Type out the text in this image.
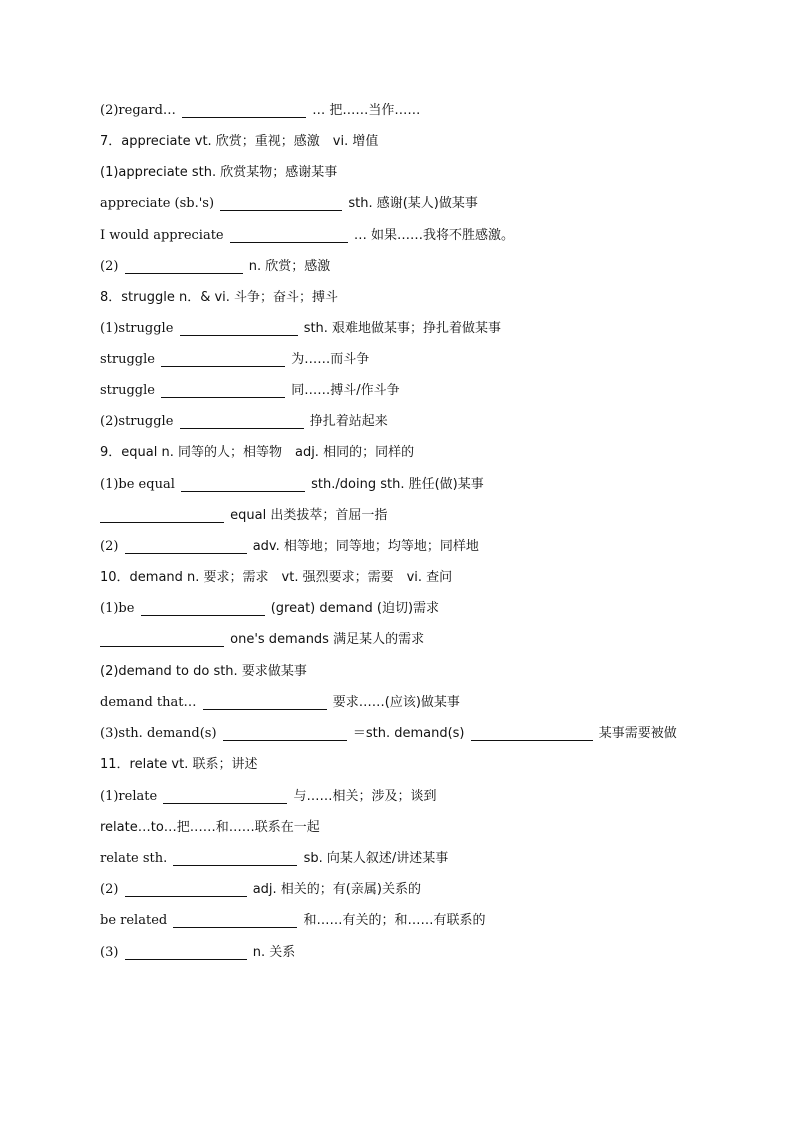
(2)regard…	… 把……当作……
7．appreciate vt. 欣赏；重视；感激　vi. 增值
(1)appreciate sth. 欣赏某物；感谢某事
appreciate (sb.'s)	sth. 感谢(某人)做某事
I would appreciate	… 如果……我将不胜感激。
(2)	n. 欣赏；感激
8．struggle n．& vi. 斗争；奋斗；搏斗
(1)struggle	sth. 艰难地做某事；挣扎着做某事
struggle	为……而斗争
struggle	同……搏斗/作斗争
(2)struggle	挣扎着站起来
9．equal n. 同等的人；相等物　adj. 相同的；同样的
(1)be equal	sth./doing sth. 胜任(做)某事
equal 出类拔萃；首屈一指
(2)	adv. 相等地；同等地；均等地；同样地
10．demand n. 要求；需求　vt. 强烈要求；需要　vi. 查问
(1)be	(great) demand (迫切)需求
one's demands 满足某人的需求
(2)demand to do sth. 要求做某事
demand that…	要求……(应该)做某事
(3)sth. demand(s)	＝sth. demand(s)	某事需要被做
11．relate vt. 联系；讲述
(1)relate	与……相关；涉及；谈到
relate…to…把……和……联系在一起
relate sth.	sb. 向某人叙述/讲述某事
(2)	adj. 相关的；有(亲属)关系的
be related	和……有关的；和……有联系的
(3)	n. 关系
